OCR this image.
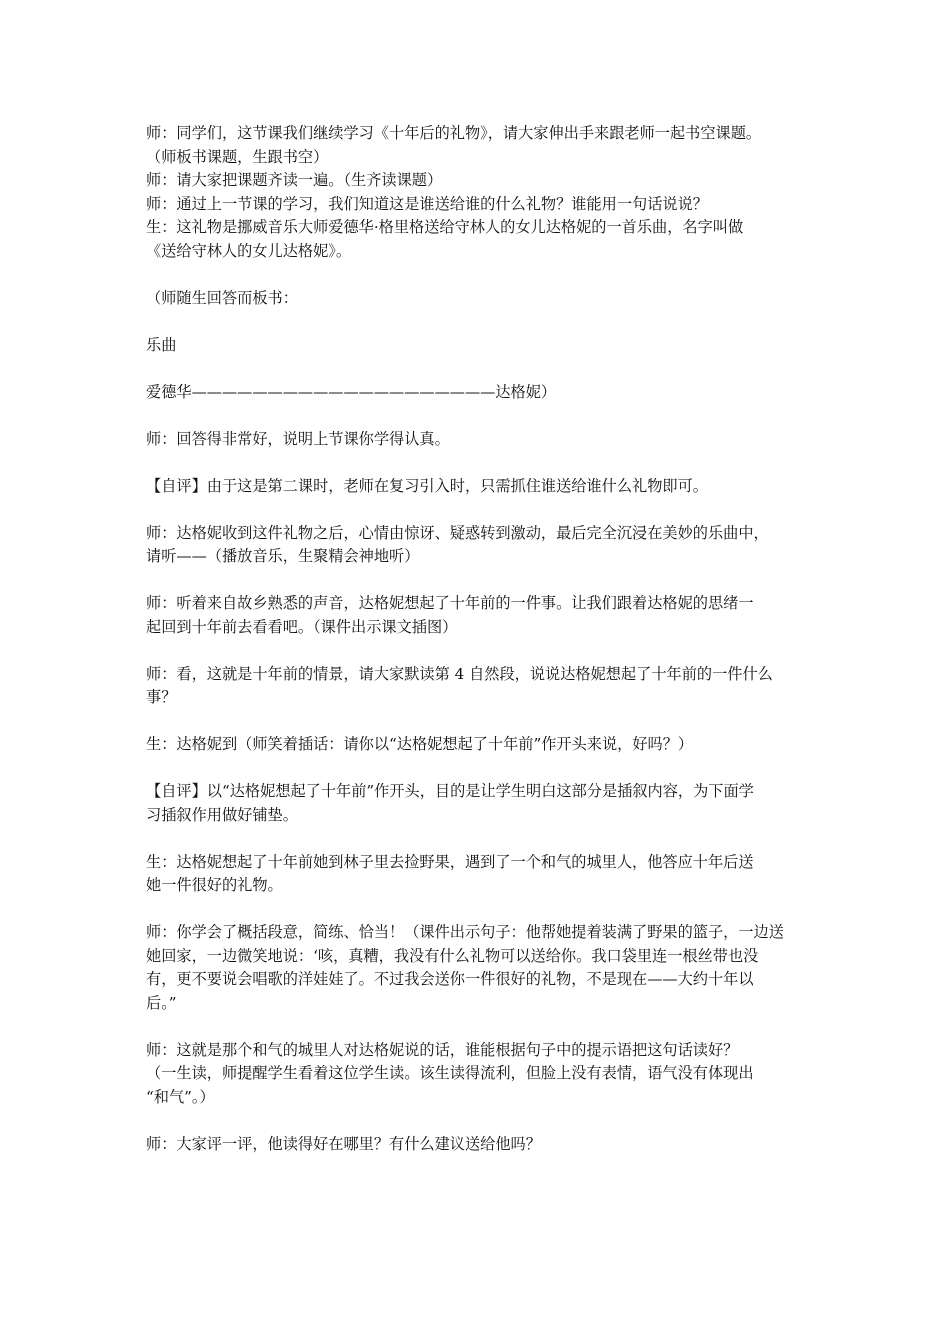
师：同学们，这节课我们继续学习《十年后的礼物》，请大家伸出手来跟老师一起书空课题。
（师板书课题，生跟书空）
师：请大家把课题齐读一遍。（生齐读课题）
师：通过上一节课的学习，我们知道这是谁送给谁的什么礼物？谁能用一句话说说？
生：这礼物是挪威音乐大师爱德华·格里格送给守林人的女儿达格妮的一首乐曲，名字叫做
《送给守林人的女儿达格妮》。
（师随生回答而板书：
乐曲
爱德华————————————————————达格妮）
师：回答得非常好，说明上节课你学得认真。
【自评】由于这是第二课时，老师在复习引入时，只需抓住谁送给谁什么礼物即可。
师：达格妮收到这件礼物之后，心情由惊讶、疑惑转到激动，最后完全沉浸在美妙的乐曲中，
请听——（播放音乐，生聚精会神地听）
师：听着来自故乡熟悉的声音，达格妮想起了十年前的一件事。让我们跟着达格妮的思绪一
起回到十年前去看看吧。（课件出示课文插图）
师：看，这就是十年前的情景，请大家默读第 4 自然段，说说达格妮想起了十年前的一件什么
事？
生：达格妮到（师笑着插话：请你以“达格妮想起了十年前”作开头来说，好吗？）
【自评】以“达格妮想起了十年前”作开头，目的是让学生明白这部分是插叙内容，为下面学
习插叙作用做好铺垫。
生：达格妮想起了十年前她到林子里去捡野果，遇到了一个和气的城里人，他答应十年后送
她一件很好的礼物。
师：你学会了概括段意，简练、恰当！（课件出示句子：他帮她提着装满了野果的篮子，一边送
她回家，一边微笑地说：‘咳，真糟，我没有什么礼物可以送给你。我口袋里连一根丝带也没
有，更不要说会唱歌的洋娃娃了。不过我会送你一件很好的礼物，不是现在——大约十年以
后。”
师：这就是那个和气的城里人对达格妮说的话，谁能根据句子中的提示语把这句话读好？
（一生读，师提醒学生看着这位学生读。该生读得流利，但脸上没有表情，语气没有体现出
“和气”。）
师：大家评一评，他读得好在哪里？有什么建议送给他吗？
